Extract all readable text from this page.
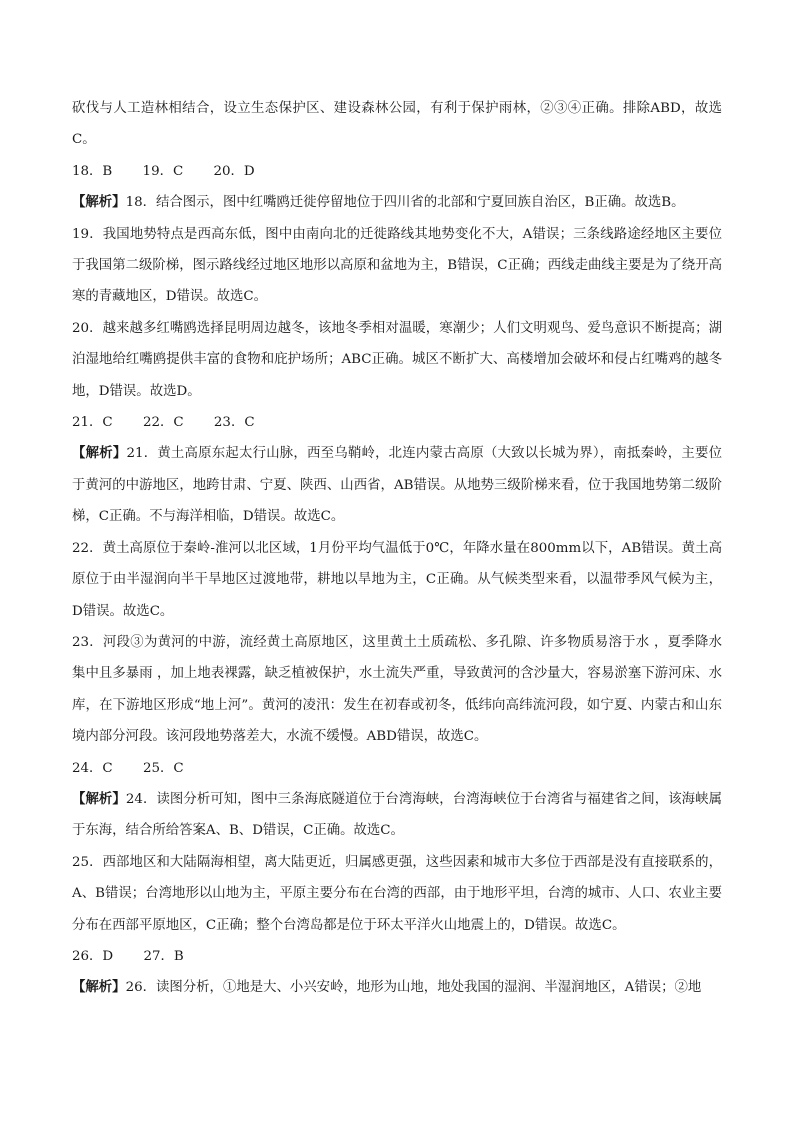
砍伐与人工造林相结合，设立生态保护区、建设森林公园，有利于保护雨林，②③④正确。排除ABD，故选C。

18．B 19．C 20．D

【解析】18．结合图示，图中红嘴鸥迁徙停留地位于四川省的北部和宁夏回族自治区，B正确。故选B。

19．我国地势特点是西高东低，图中由南向北的迁徙路线其地势变化不大，A错误；三条线路途经地区主要位于我国第二级阶梯，图示路线经过地区地形以高原和盆地为主，B错误，C正确；西线走曲线主要是为了绕开高寒的青藏地区，D错误。故选C。

20．越来越多红嘴鸥选择昆明周边越冬，该地冬季相对温暖，寒潮少；人们文明观鸟、爱鸟意识不断提高；湖泊湿地给红嘴鸥提供丰富的食物和庇护场所；ABC正确。城区不断扩大、高楼增加会破坏和侵占红嘴鸡的越冬地，D错误。故选D。

21．C 22．C 23．C

【解析】21．黄土高原东起太行山脉，西至乌鞘岭，北连内蒙古高原（大致以长城为界），南抵秦岭，主要位于黄河的中游地区，地跨甘肃、宁夏、陕西、山西省，AB错误。从地势三级阶梯来看，位于我国地势第二级阶梯，C正确。不与海洋相临，D错误。故选C。

22．黄土高原位于秦岭-淮河以北区域，1月份平均气温低于0℃，年降水量在800mm以下，AB错误。黄土高原位于由半湿润向半干旱地区过渡地带，耕地以旱地为主，C正确。从气候类型来看，以温带季风气候为主，D错误。故选C。

23．河段③为黄河的中游，流经黄土高原地区，这里黄土土质疏松、多孔隙、许多物质易溶于水 ，夏季降水集中且多暴雨 ，加上地表裸露，缺乏植被保护，水土流失严重，导致黄河的含沙量大，容易淤塞下游河床、水库，在下游地区形成“地上河”。黄河的凌汛：发生在初春或初冬，低纬向高纬流河段，如宁夏、内蒙古和山东境内部分河段。该河段地势落差大，水流不缓慢。ABD错误，故选C。

24．C 25．C

【解析】24．读图分析可知，图中三条海底隧道位于台湾海峡，台湾海峡位于台湾省与福建省之间，该海峡属于东海，结合所给答案A、B、D错误，C正确。故选C。

25．西部地区和大陆隔海相望，离大陆更近，归属感更强，这些因素和城市大多位于西部是没有直接联系的，A、B错误；台湾地形以山地为主，平原主要分布在台湾的西部，由于地形平坦，台湾的城市、人口、农业主要分布在西部平原地区，C正确；整个台湾岛都是位于环太平洋火山地震上的，D错误。故选C。

26．D 27．B

【解析】26．读图分析，①地是大、小兴安岭，地形为山地，地处我国的湿润、半湿润地区，A错误；②地
